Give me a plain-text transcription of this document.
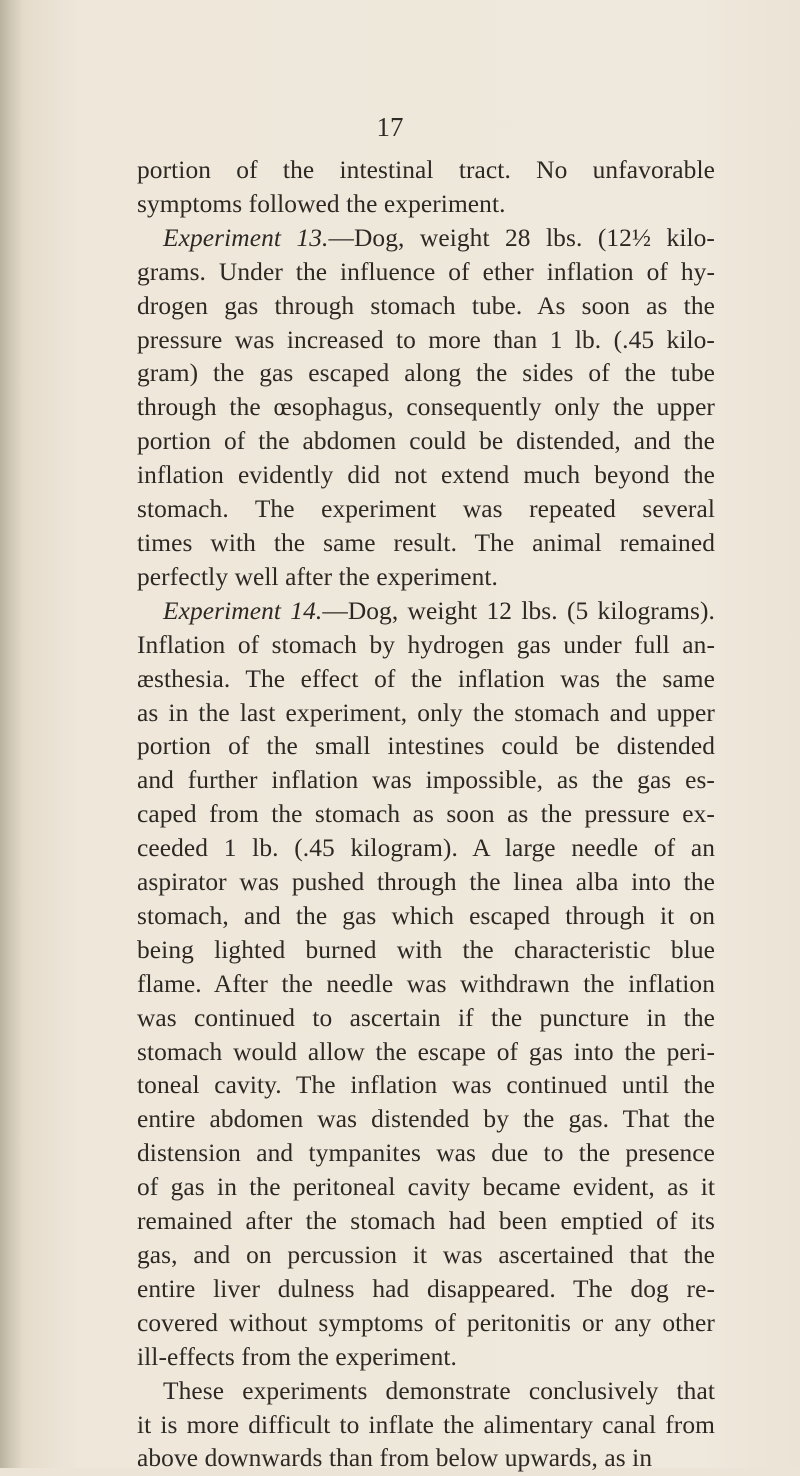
17
portion of the intestinal tract. No unfavorable
symptoms followed the experiment.
Experiment 13.—Dog, weight 28 lbs. (12½ kilo-
grams. Under the influence of ether inflation of hy-
drogen gas through stomach tube. As soon as the
pressure was increased to more than 1 lb. (.45 kilo-
gram) the gas escaped along the sides of the tube
through the œsophagus, consequently only the upper
portion of the abdomen could be distended, and the
inflation evidently did not extend much beyond the
stomach. The experiment was repeated several
times with the same result. The animal remained
perfectly well after the experiment.
Experiment 14.—Dog, weight 12 lbs. (5 kilograms).
Inflation of stomach by hydrogen gas under full an-
æsthesia. The effect of the inflation was the same
as in the last experiment, only the stomach and upper
portion of the small intestines could be distended
and further inflation was impossible, as the gas es-
caped from the stomach as soon as the pressure ex-
ceeded 1 lb. (.45 kilogram). A large needle of an
aspirator was pushed through the linea alba into the
stomach, and the gas which escaped through it on
being lighted burned with the characteristic blue
flame. After the needle was withdrawn the inflation
was continued to ascertain if the puncture in the
stomach would allow the escape of gas into the peri-
toneal cavity. The inflation was continued until the
entire abdomen was distended by the gas. That the
distension and tympanites was due to the presence
of gas in the peritoneal cavity became evident, as it
remained after the stomach had been emptied of its
gas, and on percussion it was ascertained that the
entire liver dulness had disappeared. The dog re-
covered without symptoms of peritonitis or any other
ill-effects from the experiment.
These experiments demonstrate conclusively that
it is more difficult to inflate the alimentary canal from
above downwards than from below upwards, as in
